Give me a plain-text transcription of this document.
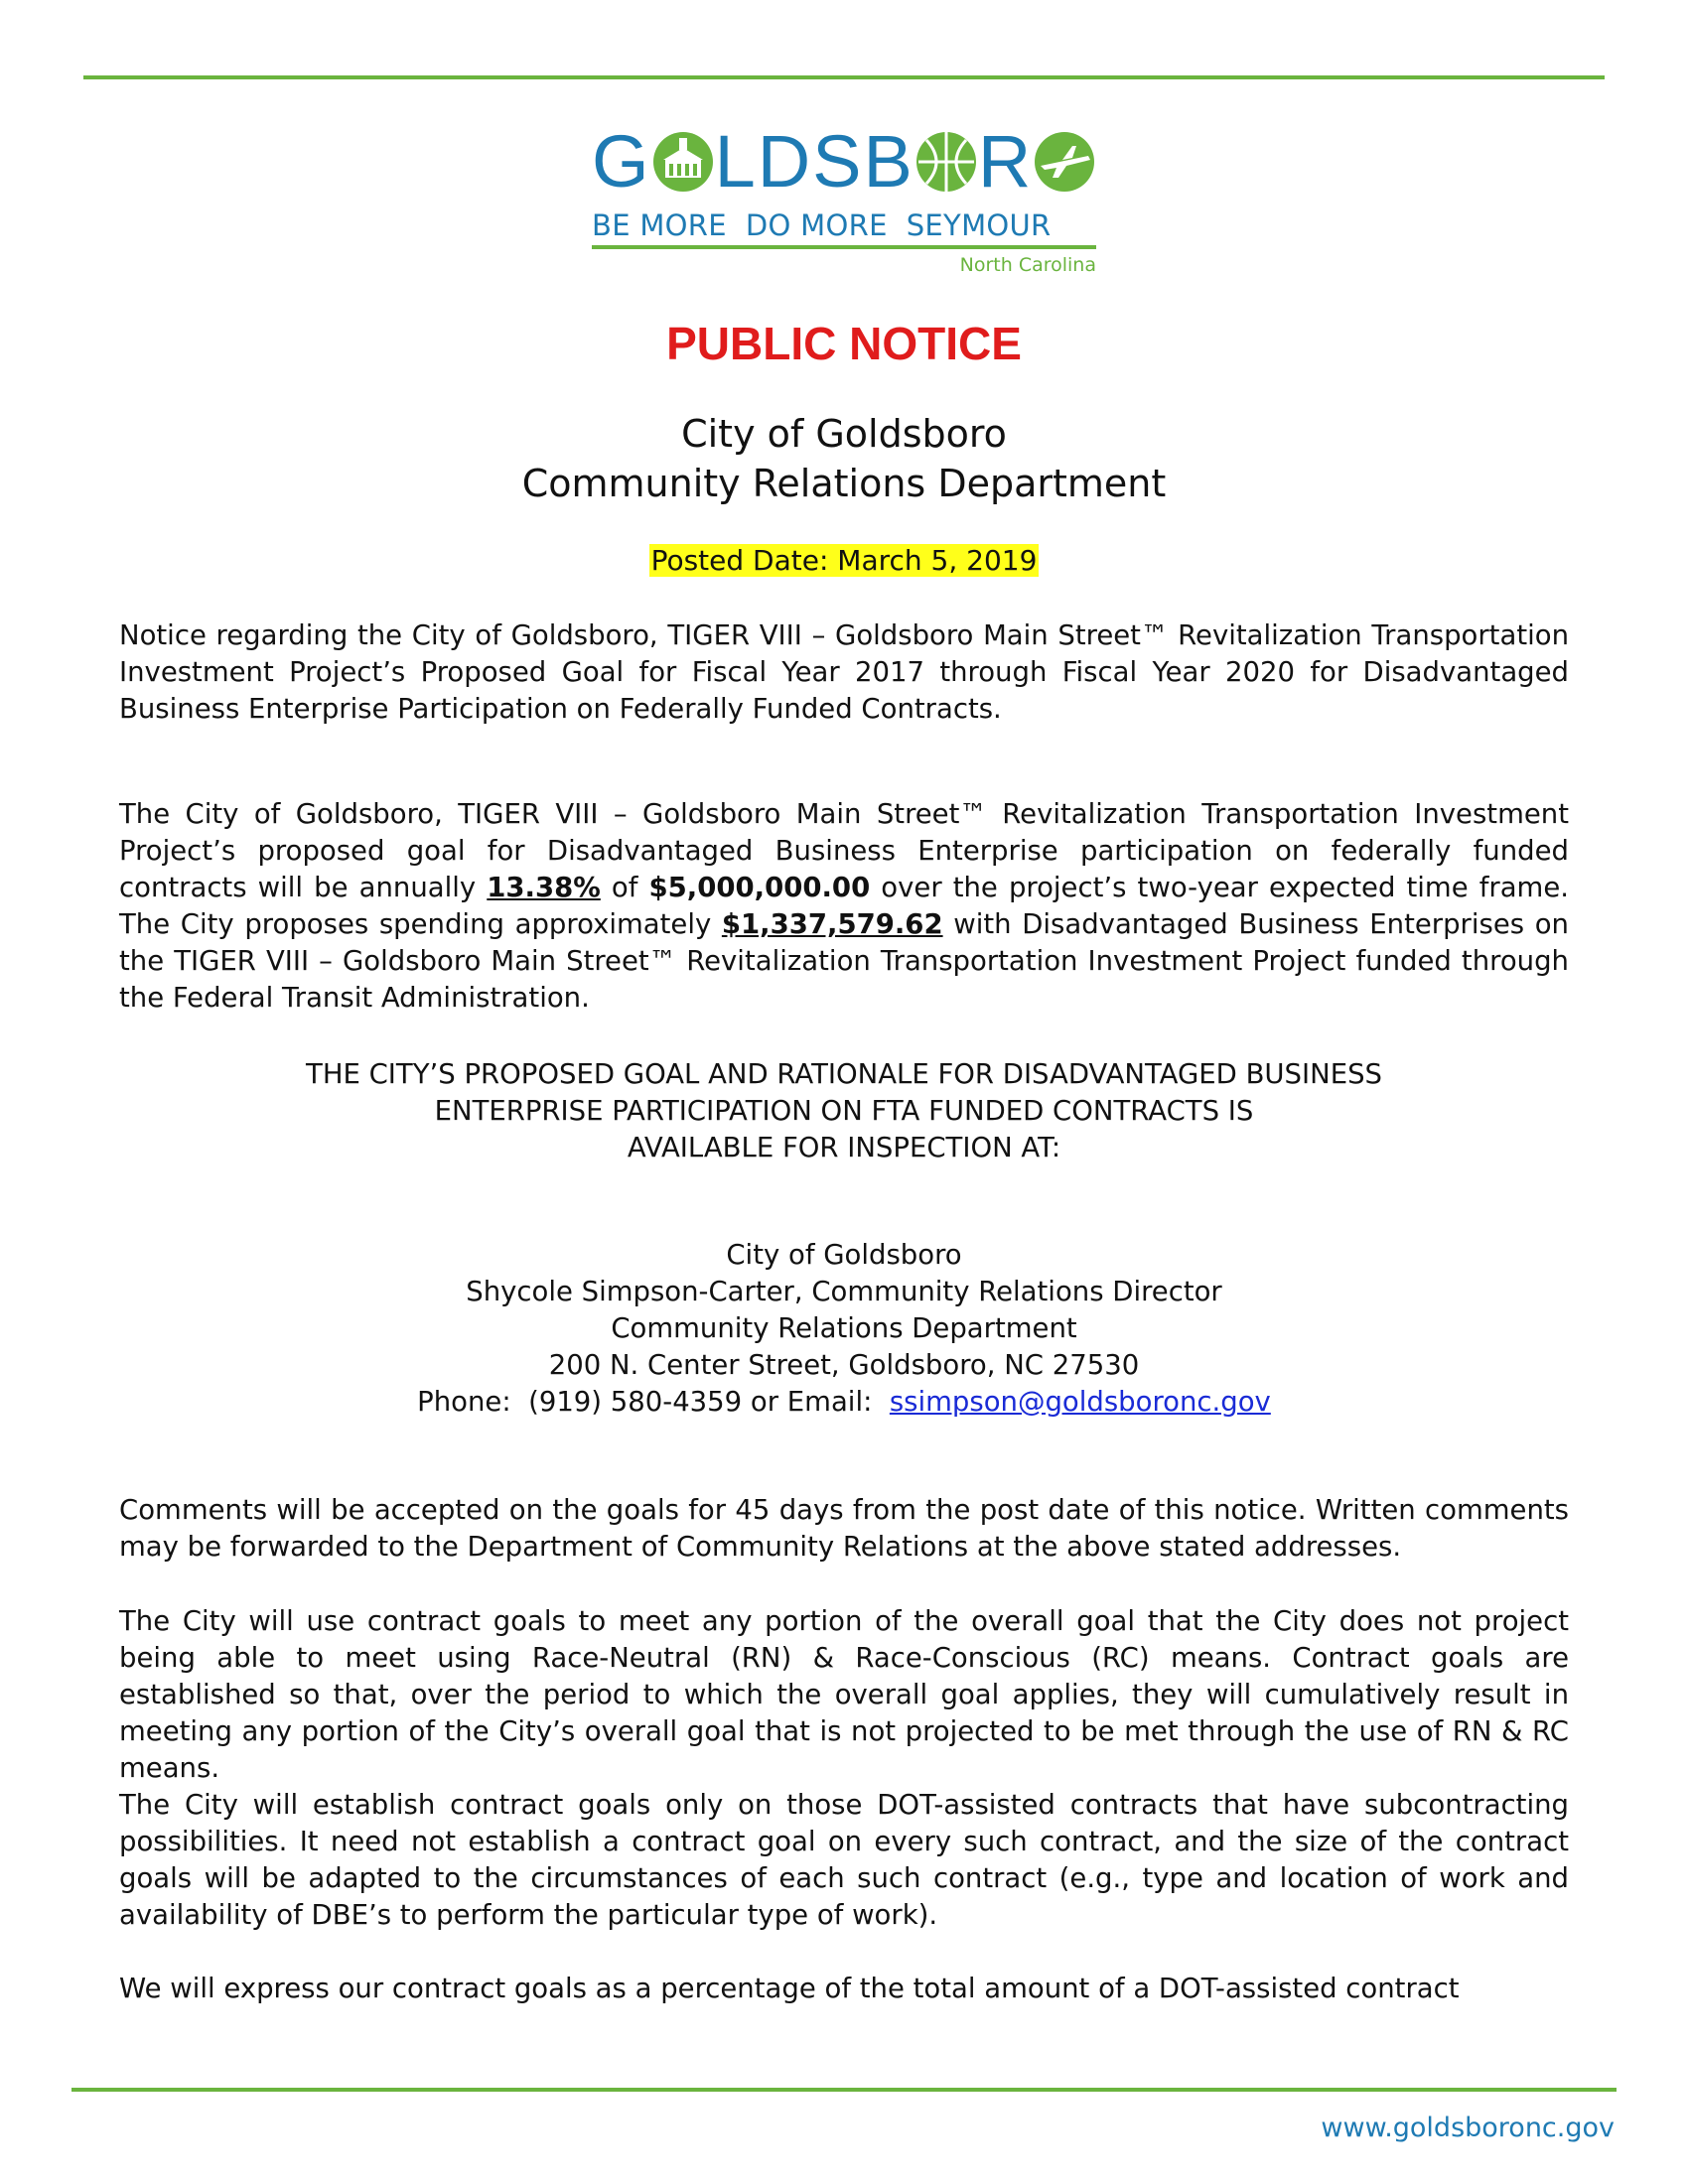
G LDSB R
BE MORE  DO MORE  SEYMOUR
North Carolina
PUBLIC NOTICE
City of Goldsboro
Community Relations Department
Posted Date: March 5, 2019
Notice regarding the City of Goldsboro, TIGER VIII – Goldsboro Main Street™ Revitalization Transportation Investment Project’s Proposed Goal for Fiscal Year 2017 through Fiscal Year 2020 for Disadvantaged Business Enterprise Participation on Federally Funded Contracts.
The City of Goldsboro, TIGER VIII – Goldsboro Main Street™ Revitalization Transportation Investment Project’s proposed goal for Disadvantaged Business Enterprise participation on federally funded contracts will be annually 13.38% of $5,000,000.00 over the project’s two-year expected time frame. The City proposes spending approximately $1,337,579.62 with Disadvantaged Business Enterprises on the TIGER VIII – Goldsboro Main Street™ Revitalization Transportation Investment Project funded through the Federal Transit Administration.
THE CITY’S PROPOSED GOAL AND RATIONALE FOR DISADVANTAGED BUSINESS
ENTERPRISE PARTICIPATION ON FTA FUNDED CONTRACTS IS
AVAILABLE FOR INSPECTION AT:
City of Goldsboro
Shycole Simpson-Carter, Community Relations Director
Community Relations Department
200 N. Center Street, Goldsboro, NC 27530
Phone:  (919) 580-4359 or Email:  ssimpson@goldsboronc.gov
Comments will be accepted on the goals for 45 days from the post date of this notice. Written comments may be forwarded to the Department of Community Relations at the above stated addresses.
The City will use contract goals to meet any portion of the overall goal that the City does not project being able to meet using Race-Neutral (RN) & Race-Conscious (RC) means. Contract goals are established so that, over the period to which the overall goal applies, they will cumulatively result in meeting any portion of the City’s overall goal that is not projected to be met through the use of RN & RC means.
The City will establish contract goals only on those DOT-assisted contracts that have subcontracting possibilities. It need not establish a contract goal on every such contract, and the size of the contract goals will be adapted to the circumstances of each such contract (e.g., type and location of work and availability of DBE’s to perform the particular type of work).
We will express our contract goals as a percentage of the total amount of a DOT-assisted contract
www.goldsboronc.gov
